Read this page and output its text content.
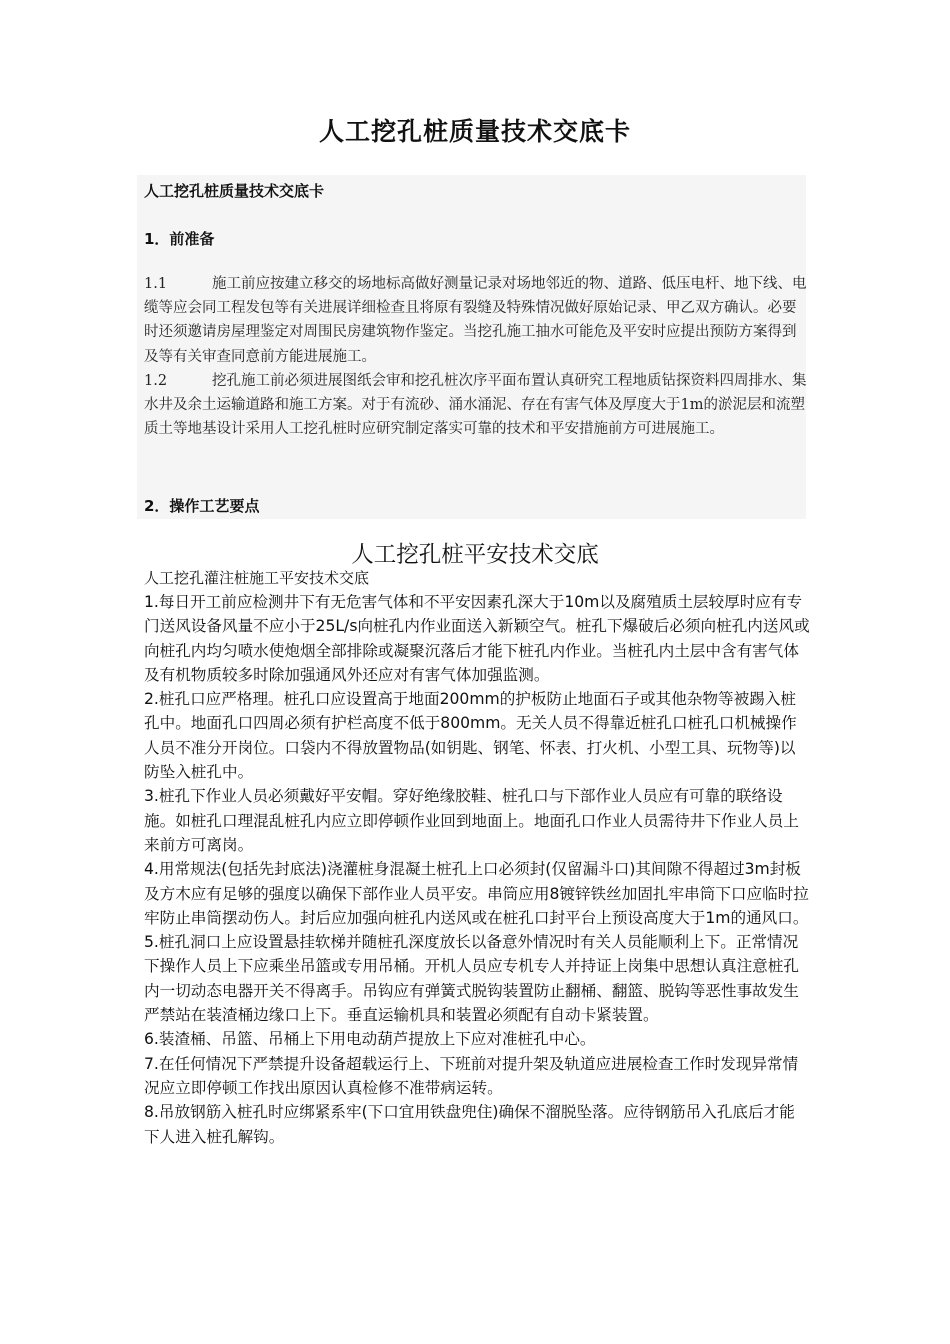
人工挖孔桩质量技术交底卡
人工挖孔桩质量技术交底卡
1．前准备
1.1	施工前应按建立移交的场地标高做好测量记录对场地邻近的物、道路、低压电杆、地下线、电缆等应会同工程发包等有关进展详细检查且将原有裂缝及特殊情况做好原始记录、甲乙双方确认。必要时还须邀请房屋理鉴定对周围民房建筑物作鉴定。当挖孔施工抽水可能危及平安时应提出预防方案得到及等有关审查同意前方能进展施工。
1.2	挖孔施工前必须进展图纸会审和挖孔桩次序平面布置认真研究工程地质钻探资料四周排水、集水井及余土运输道路和施工方案。对于有流砂、涌水涌泥、存在有害气体及厚度大于1m的淤泥层和流塑质土等地基设计采用人工挖孔桩时应研究制定落实可靠的技术和平安措施前方可进展施工。
2．操作工艺要点
人工挖孔桩平安技术交底
人工挖孔灌注桩施工平安技术交底

1.每日开工前应检测井下有无危害气体和不平安因素孔深大于10m以及腐殖质土层较厚时应有专门送风设备风量不应小于25L/s向桩孔内作业面送入新颖空气。桩孔下爆破后必须向桩孔内送风或向桩孔内均匀喷水使炮烟全部排除或凝聚沉落后才能下桩孔内作业。当桩孔内土层中含有害气体及有机物质较多时除加强通风外还应对有害气体加强监测。

2.桩孔口应严格理。桩孔口应设置高于地面200mm的护板防止地面石子或其他杂物等被踢入桩孔中。地面孔口四周必须有护栏高度不低于800mm。无关人员不得靠近桩孔口桩孔口机械操作人员不准分开岗位。口袋内不得放置物品(如钥匙、钢笔、怀表、打火机、小型工具、玩物等)以防坠入桩孔中。

3.桩孔下作业人员必须戴好平安帽。穿好绝缘胶鞋、桩孔口与下部作业人员应有可靠的联络设施。如桩孔口理混乱桩孔内应立即停顿作业回到地面上。地面孔口作业人员需待井下作业人员上来前方可离岗。

4.用常规法(包括先封底法)浇灌桩身混凝土桩孔上口必须封(仅留漏斗口)其间隙不得超过3m封板及方木应有足够的强度以确保下部作业人员平安。串筒应用8镀锌铁丝加固扎牢串筒下口应临时拉牢防止串筒摆动伤人。封后应加强向桩孔内送风或在桩孔口封平台上预设高度大于1m的通风口。

5.桩孔洞口上应设置悬挂软梯并随桩孔深度放长以备意外情况时有关人员能顺利上下。正常情况下操作人员上下应乘坐吊篮或专用吊桶。开机人员应专机专人并持证上岗集中思想认真注意桩孔内一切动态电器开关不得离手。吊钩应有弹簧式脱钩装置防止翻桶、翻篮、脱钩等恶性事故发生严禁站在装渣桶边缘口上下。垂直运输机具和装置必须配有自动卡紧装置。

6.装渣桶、吊篮、吊桶上下用电动葫芦提放上下应对准桩孔中心。

7.在任何情况下严禁提升设备超载运行上、下班前对提升架及轨道应进展检查工作时发现异常情况应立即停顿工作找出原因认真检修不准带病运转。

8.吊放钢筋入桩孔时应绑紧系牢(下口宜用铁盘兜住)确保不溜脱坠落。应待钢筋吊入孔底后才能下人进入桩孔解钩。
